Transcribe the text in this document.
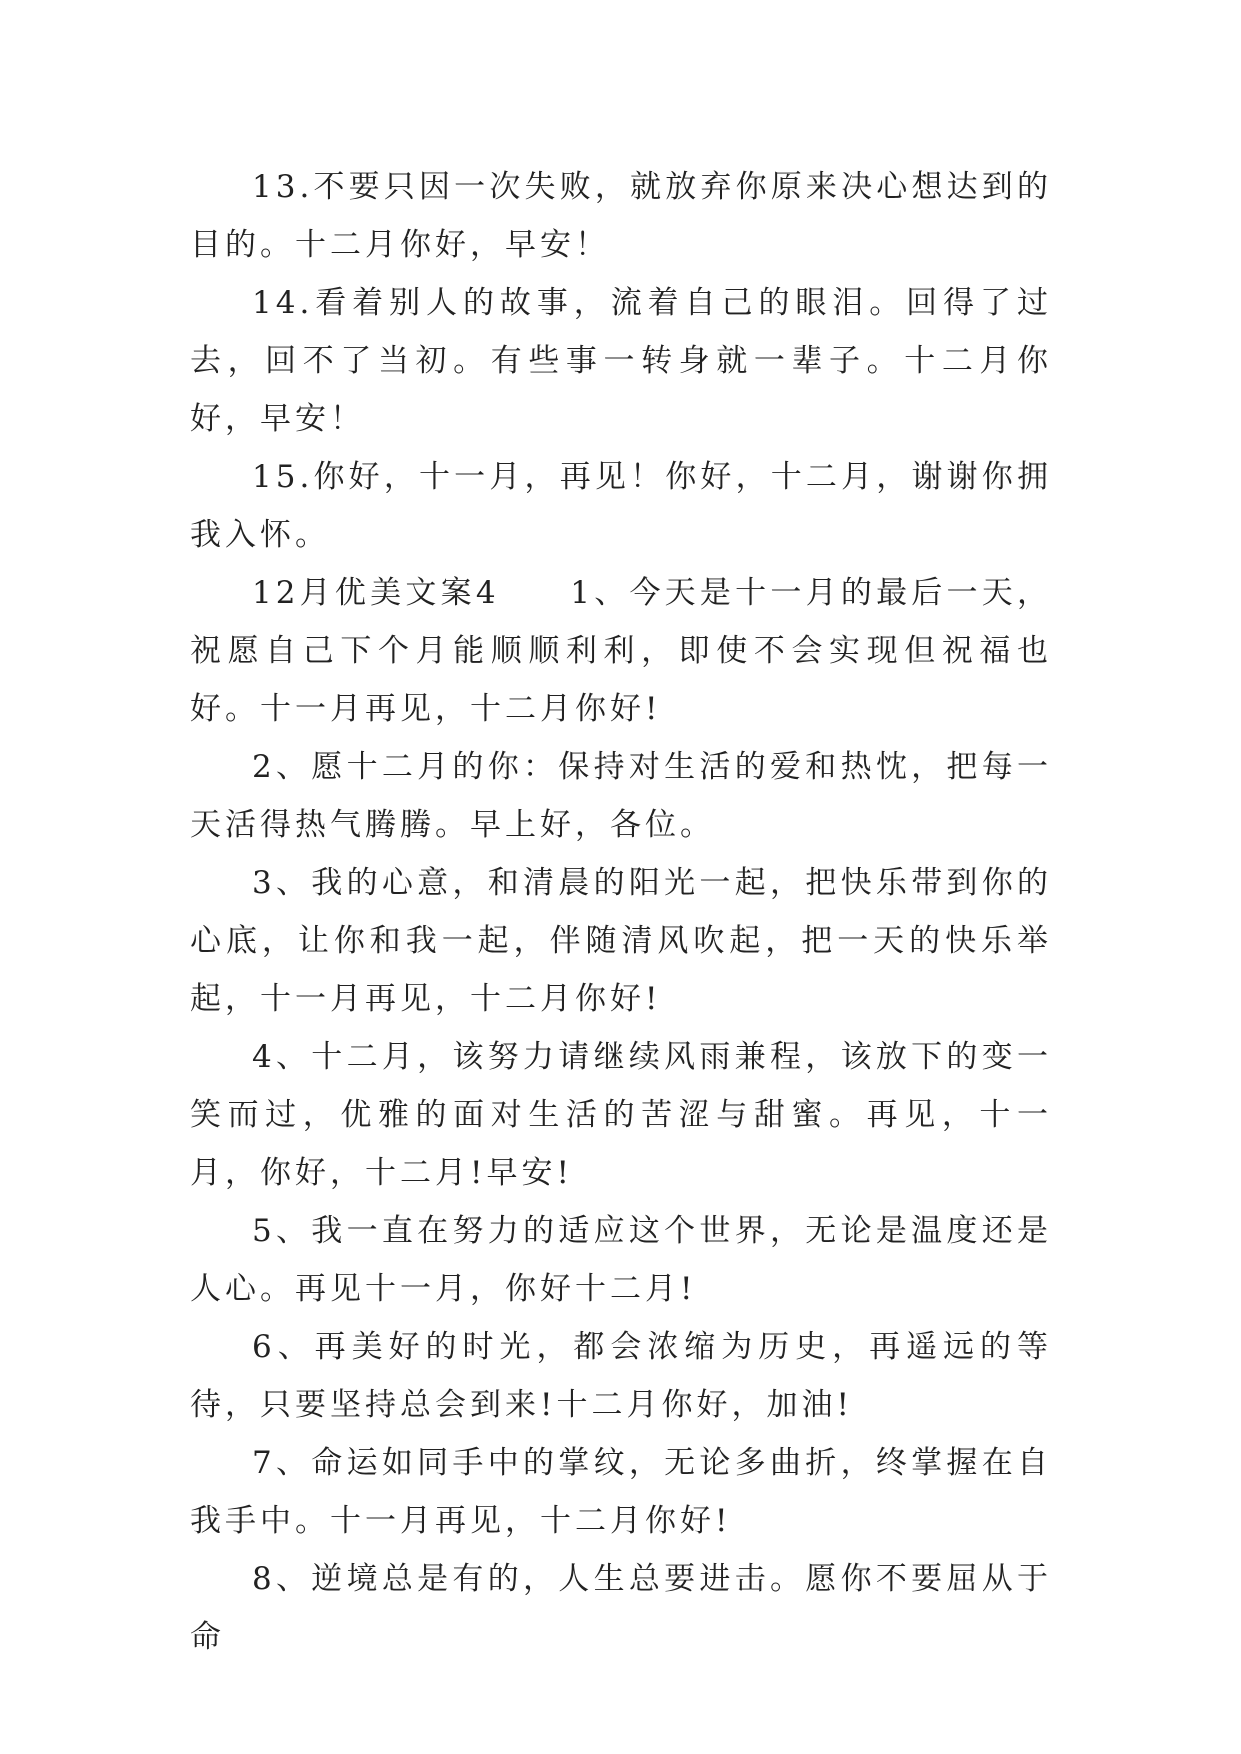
13.不要只因一次失败，就放弃你原来决心想达到的目的。十二月你好，早安！

14.看着别人的故事，流着自己的眼泪。回得了过去，回不了当初。有些事一转身就一辈子。十二月你好，早安！

15.你好，十一月，再见！你好，十二月，谢谢你拥我入怀。

12月优美文案4　　1、今天是十一月的最后一天，祝愿自己下个月能顺顺利利，即使不会实现但祝福也好。十一月再见，十二月你好!

2、愿十二月的你：保持对生活的爱和热忱，把每一天活得热气腾腾。早上好，各位。

3、我的心意，和清晨的阳光一起，把快乐带到你的心底，让你和我一起，伴随清风吹起，把一天的快乐举起，十一月再见，十二月你好!

4、十二月，该努力请继续风雨兼程，该放下的变一笑而过，优雅的面对生活的苦涩与甜蜜。再见，十一月，你好，十二月!早安!

5、我一直在努力的适应这个世界，无论是温度还是人心。再见十一月，你好十二月!

6、再美好的时光，都会浓缩为历史，再遥远的等待，只要坚持总会到来!十二月你好，加油!

7、命运如同手中的掌纹，无论多曲折，终掌握在自我手中。十一月再见，十二月你好!

8、逆境总是有的，人生总要进击。愿你不要屈从于命
